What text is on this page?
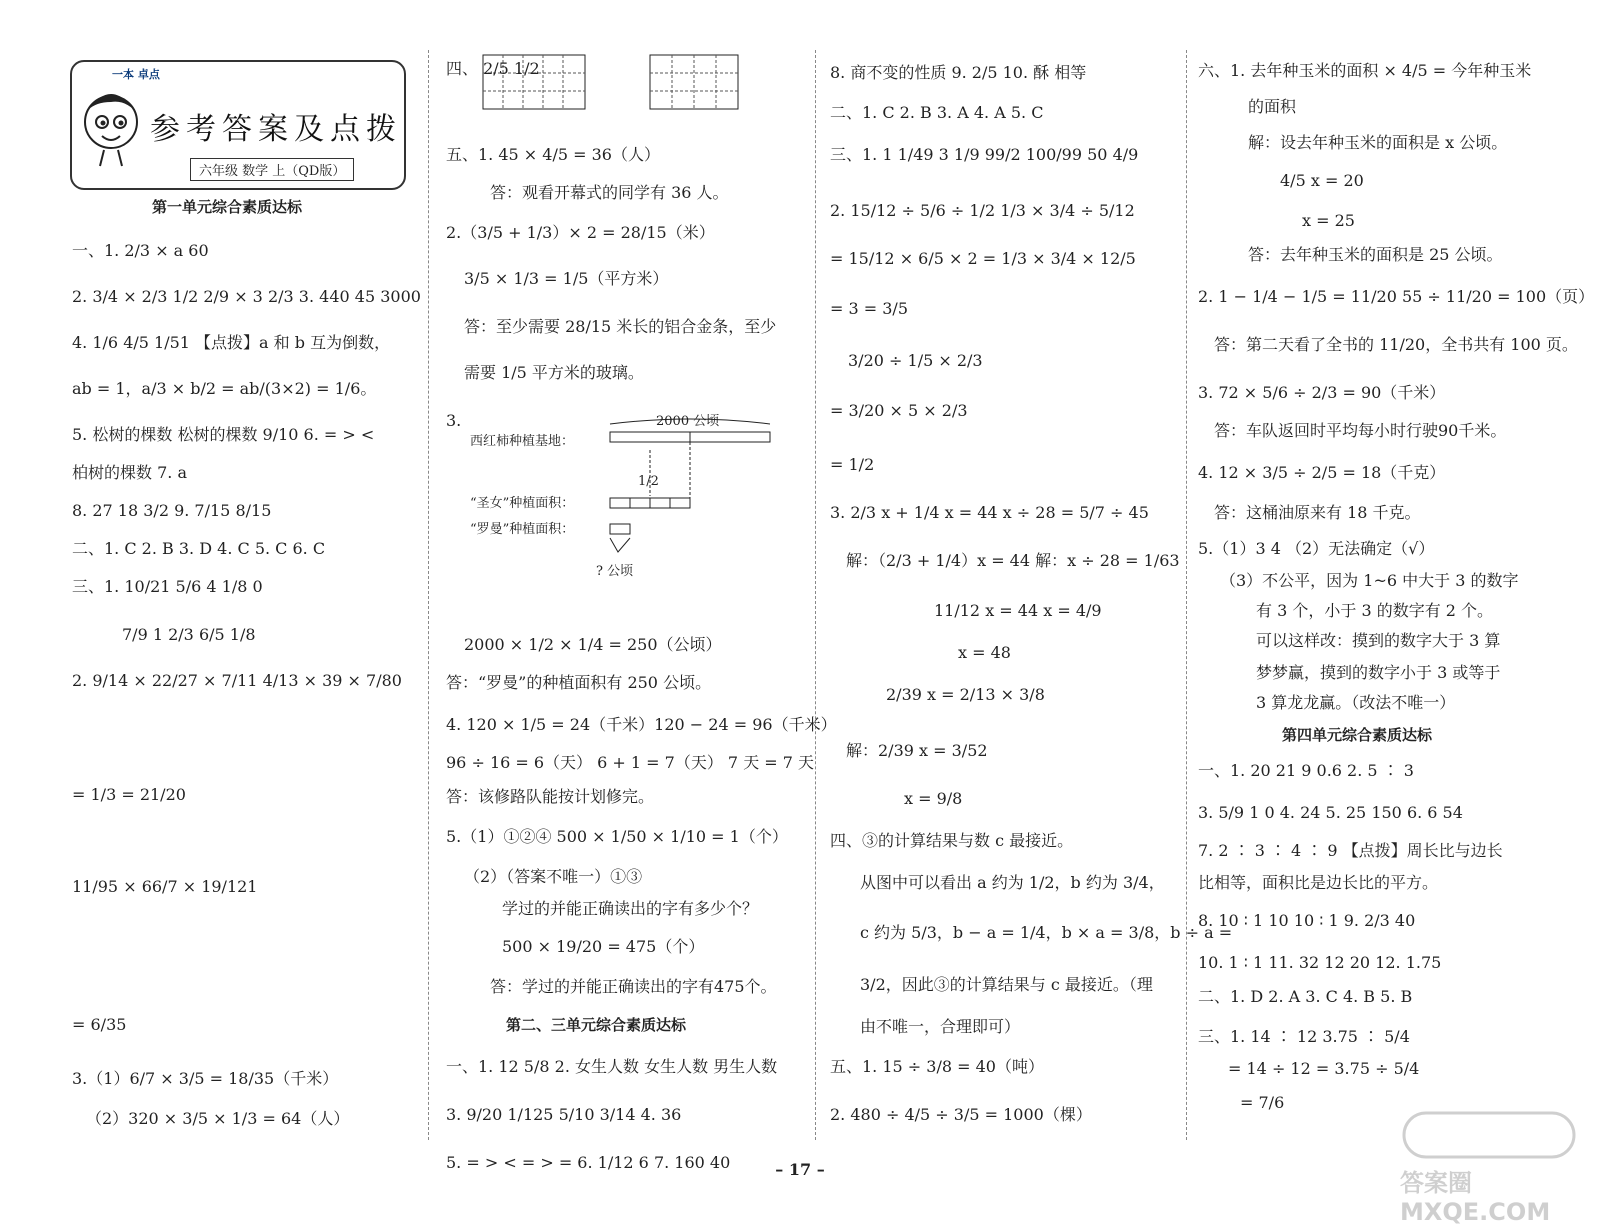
一本 卓点
参考答案及点拨
六年级 数学 上（QD版）
第一单元综合素质达标
一、1. 2/3 × a 60
2. 3/4 × 2/3 1/2 2/9 × 3 2/3 3. 440 45 3000
4. 1/6 4/5 1/51 【点拨】a 和 b 互为倒数，
ab = 1，a/3 × b/2 = ab/(3×2) = 1/6。
5. 松树的棵数 松树的棵数 9/10 6. = > <
柏树的棵数 7. a
8. 27 18 3/2 9. 7/15 8/15
二、1. C 2. B 3. D 4. C 5. C 6. C
三、1. 10/21 5/6 4 1/8 0
7/9 1 2/3 6/5 1/8
2. 9/14 × 22/27 × 7/11 4/13 × 39 × 7/80
= 1/3 = 21/20
11/95 × 66/7 × 19/121
= 6/35
3.（1）6/7 × 3/5 = 18/35（千米）
（2）320 × 3/5 × 1/3 = 64（人）

四、 2/5 1/2
五、1. 45 × 4/5 = 36（人）
答：观看开幕式的同学有 36 人。
2.（3/5 + 1/3）× 2 = 28/15（米）
3/5 × 1/3 = 1/5（平方米）
答：至少需要 28/15 米长的铝合金条，至少
需要 1/5 平方米的玻璃。
3.	2000 公顷
西红柿种植基地：
1/2
“圣女”种植面积：
“罗曼”种植面积：
? 公顷
2000 × 1/2 × 1/4 = 250（公顷）
答：“罗曼”的种植面积有 250 公顷。
4. 120 × 1/5 = 24（千米）120 − 24 = 96（千米）
96 ÷ 16 = 6（天） 6 + 1 = 7（天） 7 天 = 7 天
答：该修路队能按计划修完。
5.（1）①②④ 500 × 1/50 × 1/10 = 1（个）
（2）（答案不唯一）①③
学过的并能正确读出的字有多少个？
500 × 19/20 = 475（个）
答：学过的并能正确读出的字有475个。
第二、三单元综合素质达标
一、1. 12 5/8 2. 女生人数 女生人数 男生人数
3. 9/20 1/125 5/10 3/14 4. 36
5. = > < = > = 6. 1/12 6 7. 160 40
8. 商不变的性质 9. 2/5 10. 酥 相等
二、1. C 2. B 3. A 4. A 5. C
三、1. 1 1/49 3 1/9 99/2 100/99 50 4/9
2. 15/12 ÷ 5/6 ÷ 1/2 1/3 × 3/4 ÷ 5/12
= 15/12 × 6/5 × 2 = 1/3 × 3/4 × 12/5
= 3 = 3/5
3/20 ÷ 1/5 × 2/3
= 3/20 × 5 × 2/3
= 1/2
3. 2/3 x + 1/4 x = 44 x ÷ 28 = 5/7 ÷ 45
解：（2/3 + 1/4）x = 44 解：x ÷ 28 = 1/63
11/12 x = 44 x = 4/9
x = 48
2/39 x = 2/13 × 3/8
解：2/39 x = 3/52
x = 9/8
四、③的计算结果与数 c 最接近。
从图中可以看出 a 约为 1/2，b 约为 3/4，
c 约为 5/3，b − a = 1/4，b × a = 3/8，b ÷ a =
3/2，因此③的计算结果与 c 最接近。（理
由不唯一，合理即可）
五、1. 15 ÷ 3/8 = 40（吨）
2. 480 ÷ 4/5 ÷ 3/5 = 1000（棵）
六、1. 去年种玉米的面积 × 4/5 = 今年种玉米
的面积
解：设去年种玉米的面积是 x 公顷。
4/5 x = 20
x = 25
答：去年种玉米的面积是 25 公顷。
2. 1 − 1/4 − 1/5 = 11/20 55 ÷ 11/20 = 100（页）
答：第二天看了全书的 11/20，全书共有 100 页。
3. 72 × 5/6 ÷ 2/3 = 90（千米）
答：车队返回时平均每小时行驶90千米。
4. 12 × 3/5 ÷ 2/5 = 18（千克）
答：这桶油原来有 18 千克。
5.（1）3 4 （2）无法确定（√）
（3）不公平，因为 1~6 中大于 3 的数字
有 3 个，小于 3 的数字有 2 个。
可以这样改：摸到的数字大于 3 算
梦梦赢，摸到的数字小于 3 或等于
3 算龙龙赢。（改法不唯一）
第四单元综合素质达标
一、1. 20 21 9 0.6 2. 5 ∶ 3
3. 5/9 1 0 4. 24 5. 25 150 6. 6 54
7. 2 ∶ 3 ∶ 4 ∶ 9 【点拨】周长比与边长
比相等，面积比是边长比的平方。
8. 10 ∶ 1 10 10 ∶ 1 9. 2/3 40
10. 1 ∶ 1 11. 32 12 20 12. 1.75
二、1. D 2. A 3. C 4. B 5. B
三、1. 14 ∶ 12 3.75 ∶ 5/4
= 14 ÷ 12 = 3.75 ÷ 5/4
= 7/6
– 17 –	答案圈 MXQE.COM
